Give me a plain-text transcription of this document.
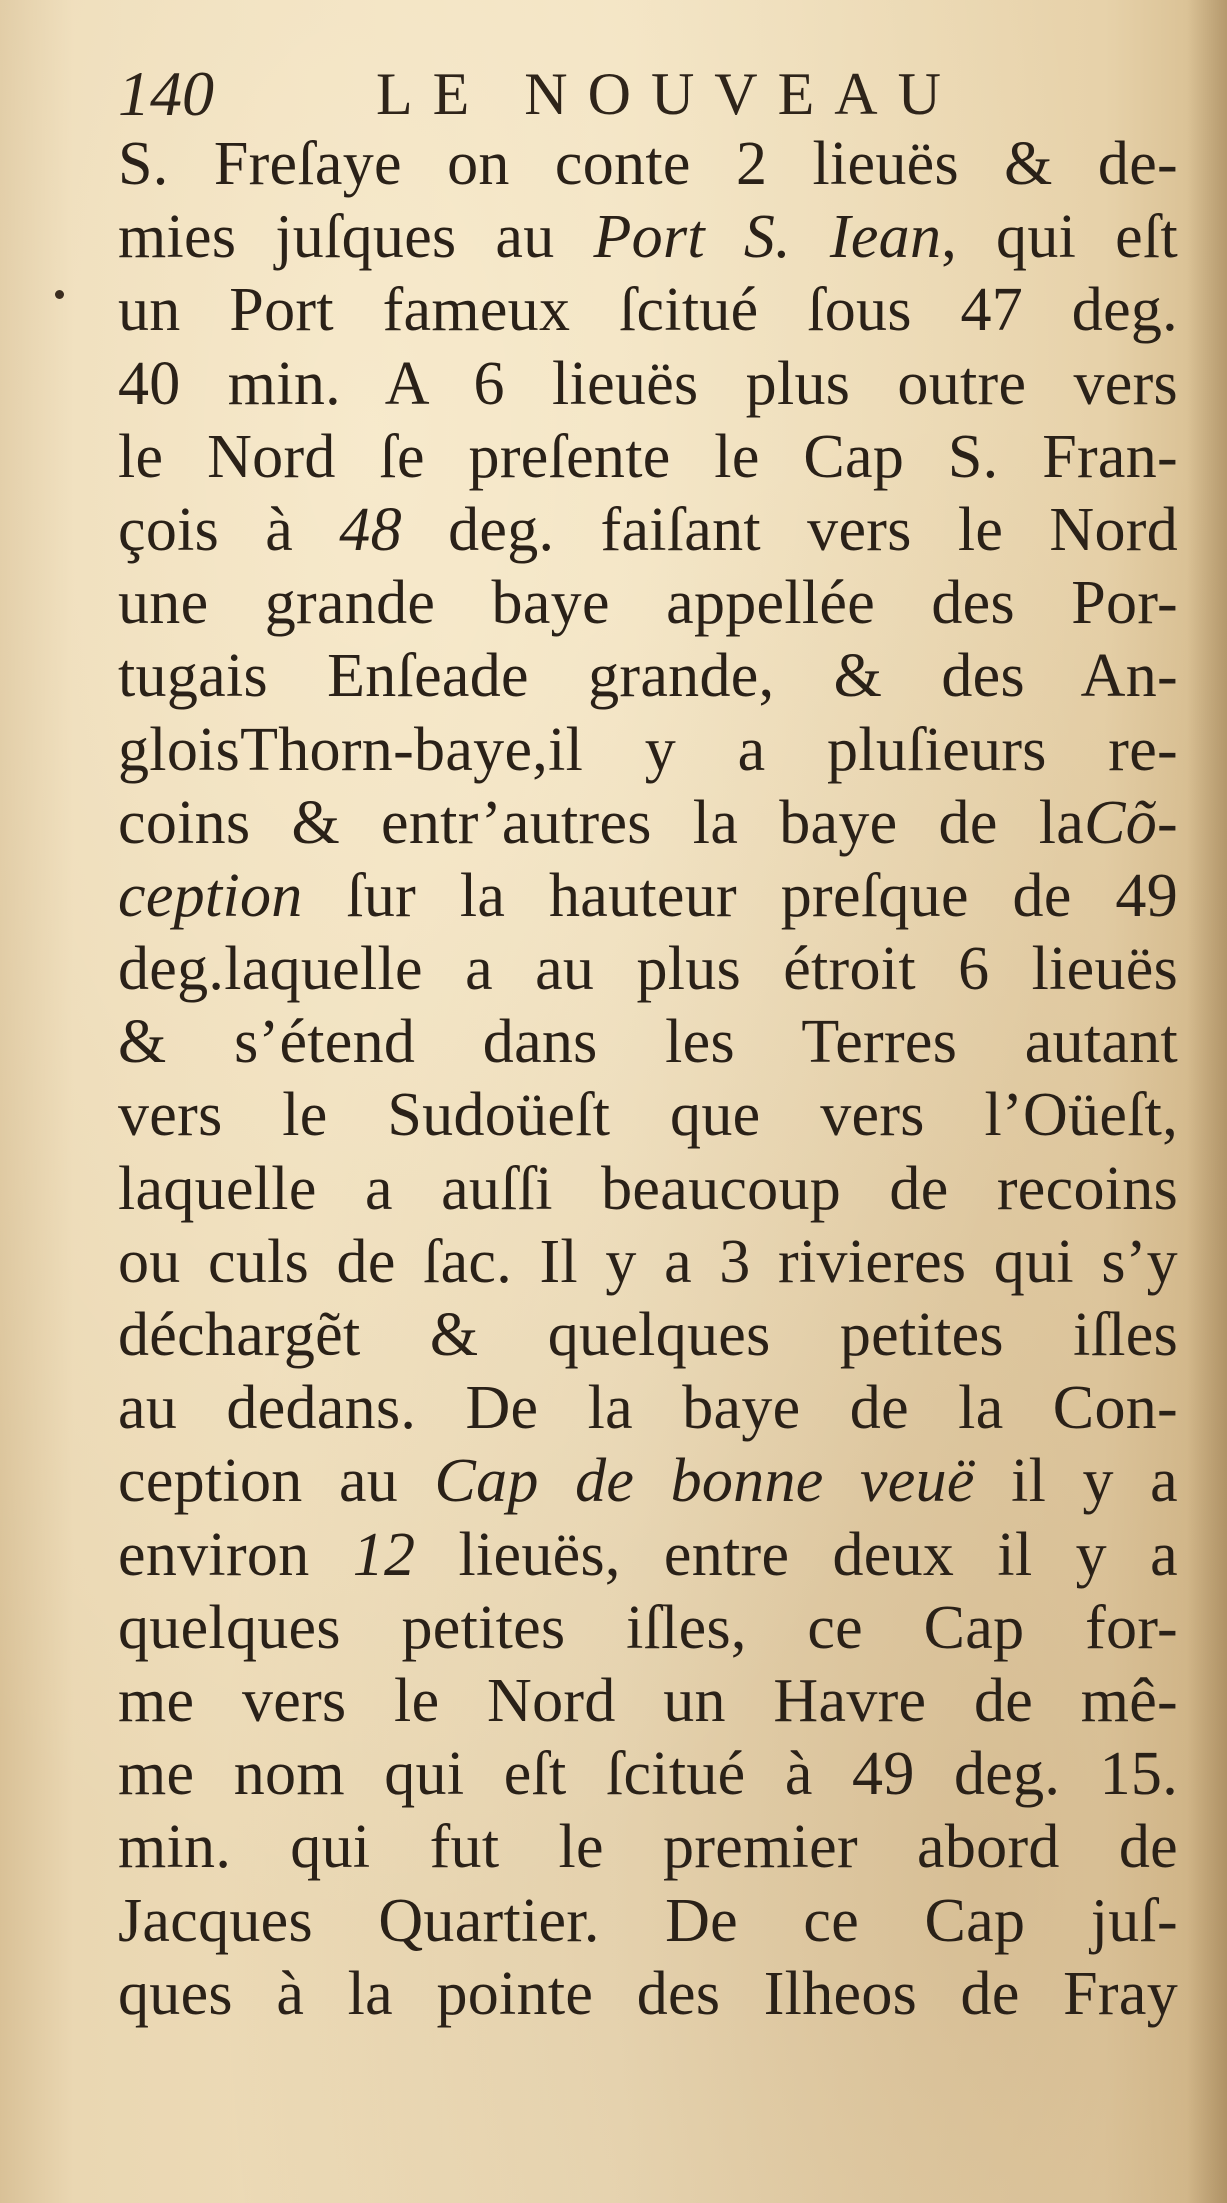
140	LE NOUVEAU
S. Freſaye on conte 2 lieuës & de-
mies juſques au Port S. Iean, qui eſt
un Port fameux ſcitué ſous 47 deg.
40 min. A 6 lieuës plus outre vers
le Nord ſe preſente le Cap S. Fran-
çois à 48 deg. faiſant vers le Nord
une grande baye appellée des Por-
tugais Enſeade grande, & des An-
gloisThorn-baye,il y a pluſieurs re-
coins & entr’autres la baye de laCõ-
ception ſur la hauteur preſque de 49
deg.laquelle a au plus étroit 6 lieuës
& s’étend dans les Terres autant
vers le Sudoüeſt que vers l’Oüeſt,
laquelle a auſſi beaucoup de recoins
ou culs de ſac. Il y a 3 rivieres qui s’y
déchargẽt & quelques petites iſles
au dedans. De la baye de la Con-
ception au Cap de bonne veuë il y a
environ 12 lieuës, entre deux il y a
quelques petites iſles, ce Cap for-
me vers le Nord un Havre de mê-
me nom qui eſt ſcitué à 49 deg. 15.
min. qui fut le premier abord de
Jacques Quartier. De ce Cap juſ-
ques à la pointe des Ilheos de Fray
